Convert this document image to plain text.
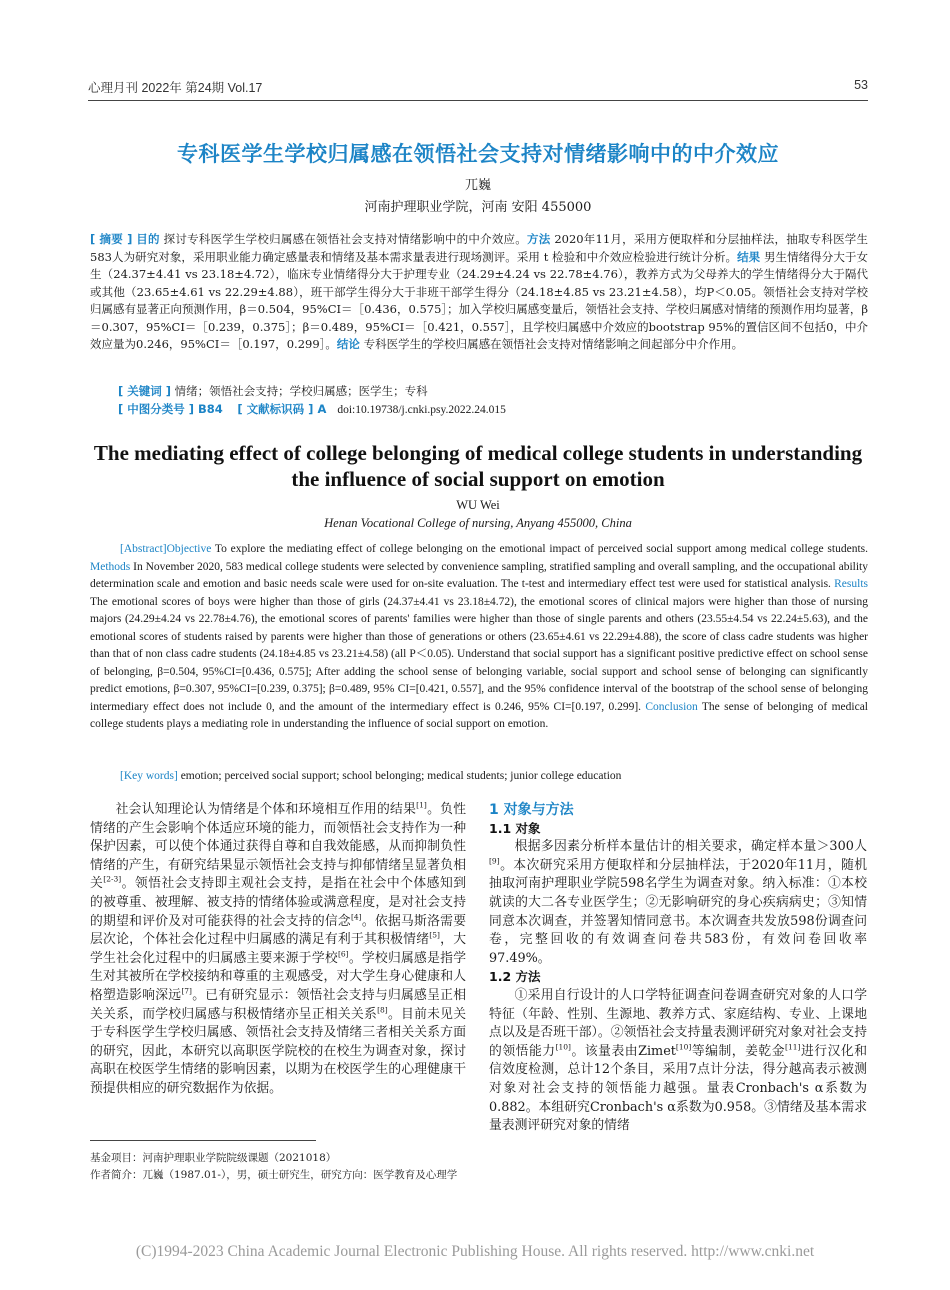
心理月刊 2022年 第24期 Vol.17	53
专科医学生学校归属感在领悟社会支持对情绪影响中的中介效应
兀巍
河南护理职业学院，河南 安阳 455000
[ 摘要 ] 目的 探讨专科医学生学校归属感在领悟社会支持对情绪影响中的中介效应。方法 2020年11月，采用方便取样和分层抽样法，抽取专科医学生583人为研究对象，采用职业能力确定感量表和情绪及基本需求量表进行现场测评。采用 t 检验和中介效应检验进行统计分析。结果 男生情绪得分大于女生（24.37±4.41 vs 23.18±4.72），临床专业情绪得分大于护理专业（24.29±4.24 vs 22.78±4.76），教养方式为父母养大的学生情绪得分大于隔代或其他（23.65±4.61 vs 22.29±4.88），班干部学生得分大于非班干部学生得分（24.18±4.85 vs 23.21±4.58），均P＜0.05。领悟社会支持对学校归属感有显著正向预测作用，β＝0.504，95%CI＝［0.436，0.575］；加入学校归属感变量后，领悟社会支持、学校归属感对情绪的预测作用均显著，β＝0.307，95%CI＝［0.239，0.375］；β＝0.489，95%CI＝［0.421，0.557］，且学校归属感中介效应的bootstrap 95%的置信区间不包括0，中介效应量为0.246，95%CI＝［0.197，0.299］。结论 专科医学生的学校归属感在领悟社会支持对情绪影响之间起部分中介作用。
[ 关键词 ] 情绪；领悟社会支持；学校归属感；医学生；专科
[ 中图分类号 ] B84 [ 文献标识码 ] A doi:10.19738/j.cnki.psy.2022.24.015
The mediating effect of college belonging of medical college students in understanding the influence of social support on emotion
WU Wei
Henan Vocational College of nursing, Anyang 455000, China
[Abstract]Objective To explore the mediating effect of college belonging on the emotional impact of perceived social support among medical college students. Methods In November 2020, 583 medical college students were selected by convenience sampling, stratified sampling and overall sampling, and the occupational ability determination scale and emotion and basic needs scale were used for on-site evaluation. The t-test and intermediary effect test were used for statistical analysis. Results The emotional scores of boys were higher than those of girls (24.37±4.41 vs 23.18±4.72), the emotional scores of clinical majors were higher than those of nursing majors (24.29±4.24 vs 22.78±4.76), the emotional scores of parents' families were higher than those of single parents and others (23.55±4.54 vs 22.24±5.63), and the emotional scores of students raised by parents were higher than those of generations or others (23.65±4.61 vs 22.29±4.88), the score of class cadre students was higher than that of non class cadre students (24.18±4.85 vs 23.21±4.58) (all P＜0.05). Understand that social support has a significant positive predictive effect on school sense of belonging, β=0.504, 95%CI=[0.436, 0.575]; After adding the school sense of belonging variable, social support and school sense of belonging can significantly predict emotions, β=0.307, 95%CI=[0.239, 0.375]; β=0.489, 95% CI=[0.421, 0.557], and the 95% confidence interval of the bootstrap of the school sense of belonging intermediary effect does not include 0, and the amount of the intermediary effect is 0.246, 95% CI=[0.197, 0.299]. Conclusion The sense of belonging of medical college students plays a mediating role in understanding the influence of social support on emotion.
[Key words] emotion; perceived social support; school belonging; medical students; junior college education

社会认知理论认为情绪是个体和环境相互作用的结果[1]。负性情绪的产生会影响个体适应环境的能力，而领悟社会支持作为一种保护因素，可以使个体通过获得自尊和自我效能感，从而抑制负性情绪的产生，有研究结果显示领悟社会支持与抑郁情绪呈显著负相关[2-3]。领悟社会支持即主观社会支持，是指在社会中个体感知到的被尊重、被理解、被支持的情绪体验或满意程度，是对社会支持的期望和评价及对可能获得的社会支持的信念[4]。依据马斯洛需要层次论，个体社会化过程中归属感的满足有利于其积极情绪[5]，大学生社会化过程中的归属感主要来源于学校[6]。学校归属感是指学生对其被所在学校接纳和尊重的主观感受，对大学生身心健康和人格塑造影响深远[7]。已有研究显示：领悟社会支持与归属感呈正相关关系，而学校归属感与积极情绪亦呈正相关关系[8]。目前未见关于专科医学生学校归属感、领悟社会支持及情绪三者相关关系方面的研究，因此，本研究以高职医学院校的在校生为调查对象，探讨高职在校医学生情绪的影响因素，以期为在校医学生的心理健康干预提供相应的研究数据作为依据。

1 对象与方法
1.1 对象

根据多因素分析样本量估计的相关要求，确定样本量＞300人[9]。本次研究采用方便取样和分层抽样法，于2020年11月，随机抽取河南护理职业学院598名学生为调查对象。纳入标准：①本校就读的大二各专业医学生；②无影响研究的身心疾病病史；③知情同意本次调查，并签署知情同意书。本次调查共发放598份调查问卷，完整回收的有效调查问卷共583份，有效问卷回收率97.49%。

1.2 方法

①采用自行设计的人口学特征调查问卷调查研究对象的人口学特征（年龄、性别、生源地、教养方式、家庭结构、专业、上课地点以及是否班干部）。②领悟社会支持量表测评研究对象对社会支持的领悟能力[10]。该量表由Zimet[10]等编制，姜乾金[11]进行汉化和信效度检测，总计12个条目，采用7点计分法，得分越高表示被测对象对社会支持的领悟能力越强。量表Cronbach's α系数为0.882。本组研究Cronbach's α系数为0.958。③情绪及基本需求量表测评研究对象的情绪

基金项目：河南护理职业学院院级课题（2021018）
作者简介：兀巍（1987.01-），男，硕士研究生，研究方向：医学教育及心理学
(C)1994-2023 China Academic Journal Electronic Publishing House. All rights reserved. http://www.cnki.net
